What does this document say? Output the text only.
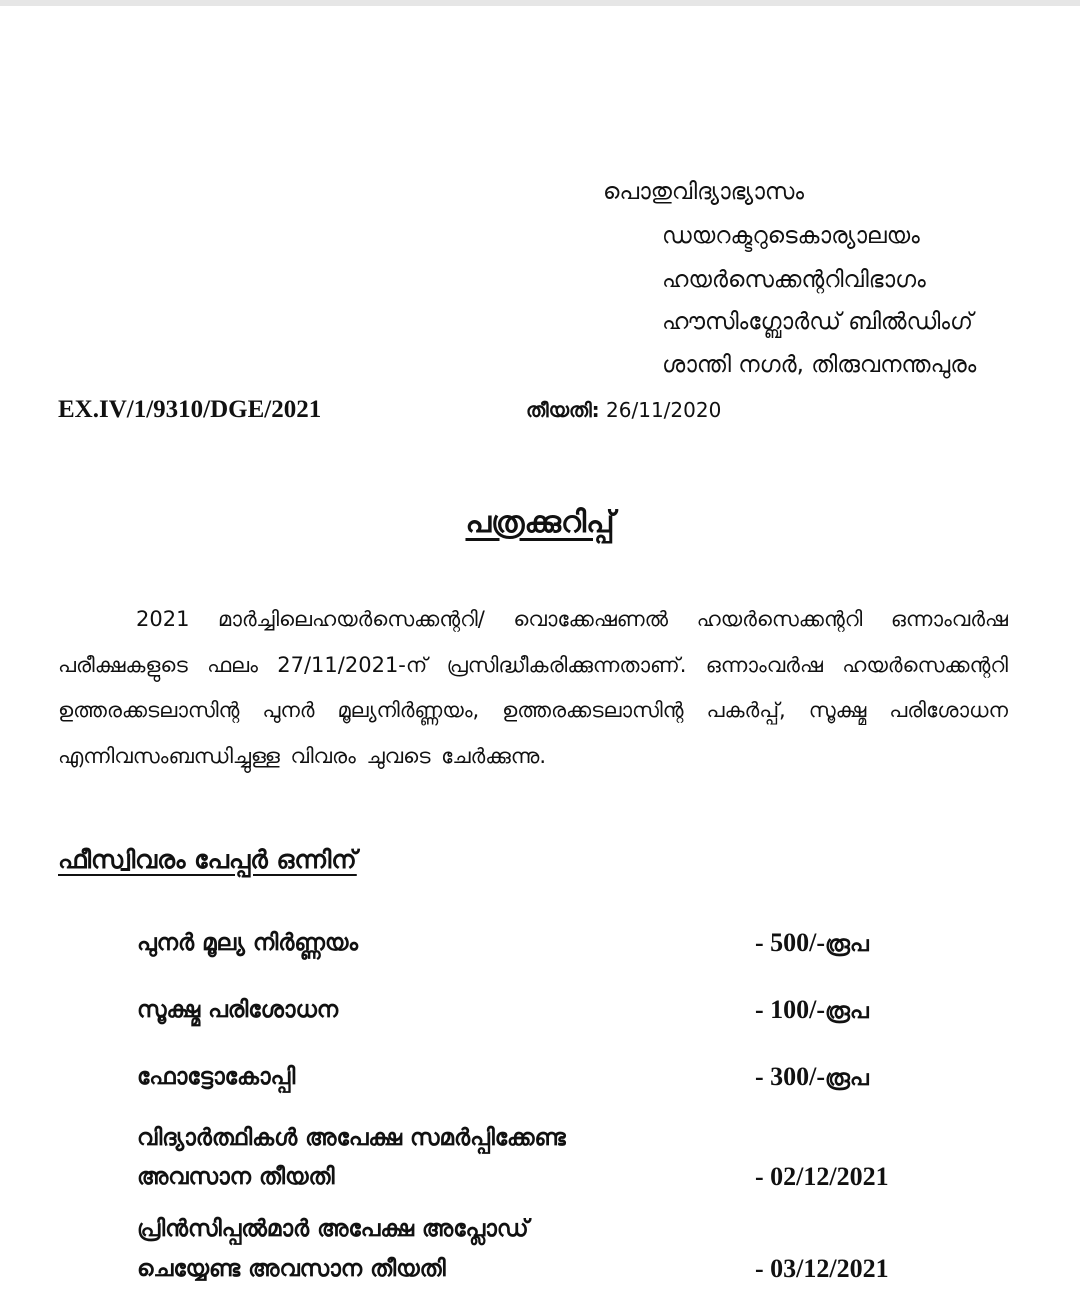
പൊതുവിദ്യാഭ്യാസം
ഡയറക്ടറുടെകാര്യാലയം
ഹയർസെക്കന്ററിവിഭാഗം
ഹൗസിംഗ്ബോർഡ് ബിൽഡിംഗ്
ശാന്തി നഗർ, തിരുവനന്തപുരം
EX.IV/1/9310/DGE/2021	തീയതി: 26/11/2020
പത്രക്കുറിപ്പ്
2021 മാർച്ചിലെഹയർസെക്കന്ററി/ വൊക്കേഷണൽ ഹയർസെക്കന്ററി ഒന്നാംവർഷ പരീക്ഷകളുടെ ഫലം 27/11/2021-ന് പ്രസിദ്ധീകരിക്കുന്നതാണ്. ഒന്നാംവർഷ ഹയർസെക്കന്ററി ഉത്തരക്കടലാസിന്റ പുനർ മൂല്യനിർണ്ണയം, ഉത്തരക്കടലാസിന്റ പകർപ്പ്, സൂക്ഷ്മ പരിശോധന എന്നിവസംബന്ധിച്ചുള്ള വിവരം ചുവടെ ചേർക്കുന്നു.
ഫീസ്വിവരം പേപ്പർ ഒന്നിന്
പുനർ മൂല്യ നിർണ്ണയം	- 500/-രൂപ
സൂക്ഷ്മ പരിശോധന	- 100/-രൂപ
ഫോട്ടോകോപ്പി	- 300/-രൂപ
വിദ്യാർത്ഥികൾ അപേക്ഷ സമർപ്പിക്കേണ്ട
അവസാന തീയതി	- 02/12/2021
പ്രിൻസിപ്പൽമാർ അപേക്ഷ അപ്ലോഡ്
ചെയ്യേണ്ട അവസാന തീയതി	- 03/12/2021
